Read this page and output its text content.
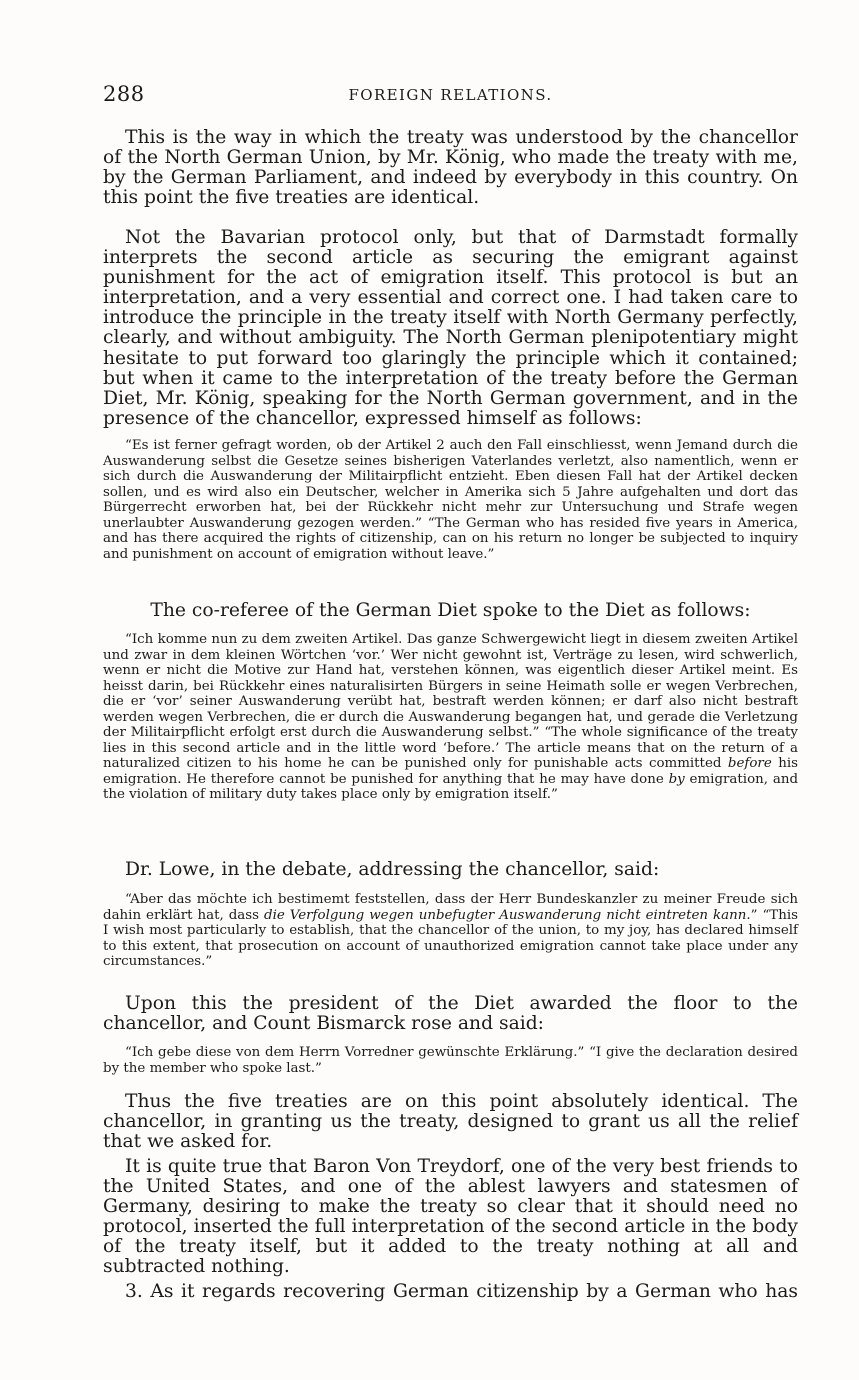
288	FOREIGN RELATIONS.

This is the way in which the treaty was understood by the chancellor of the North German Union, by Mr. König, who made the treaty with me, by the German Parliament, and indeed by everybody in this country. On this point the five treaties are identical.

Not the Bavarian protocol only, but that of Darmstadt formally interprets the second article as securing the emigrant against punishment for the act of emigration itself. This protocol is but an interpretation, and a very essential and correct one. I had taken care to introduce the principle in the treaty itself with North Germany perfectly, clearly, and without ambiguity. The North German plenipotentiary might hesitate to put forward too glaringly the principle which it contained; but when it came to the interpretation of the treaty before the German Diet, Mr. König, speaking for the North German government, and in the presence of the chancellor, expressed himself as follows:

“Es ist ferner gefragt worden, ob der Artikel 2 auch den Fall einschliesst, wenn Jemand durch die Auswanderung selbst die Gesetze seines bisherigen Vaterlandes verletzt, also namentlich, wenn er sich durch die Auswanderung der Militairpflicht entzieht. Eben diesen Fall hat der Artikel decken sollen, und es wird also ein Deutscher, welcher in Amerika sich 5 Jahre aufgehalten und dort das Bürgerrecht erworben hat, bei der Rückkehr nicht mehr zur Untersuchung und Strafe wegen unerlaubter Auswanderung gezogen werden.” “The German who has resided five years in America, and has there acquired the rights of citizenship, can on his return no longer be subjected to inquiry and punishment on account of emigration without leave.”

The co-referee of the German Diet spoke to the Diet as follows:

“Ich komme nun zu dem zweiten Artikel. Das ganze Schwergewicht liegt in diesem zweiten Artikel und zwar in dem kleinen Wörtchen ‘vor.’ Wer nicht gewohnt ist, Verträge zu lesen, wird schwerlich, wenn er nicht die Motive zur Hand hat, verstehen können, was eigentlich dieser Artikel meint. Es heisst darin, bei Rückkehr eines naturalisirten Bürgers in seine Heimath solle er wegen Verbrechen, die er ‘vor’ seiner Auswanderung verübt hat, bestraft werden können; er darf also nicht bestraft werden wegen Verbrechen, die er durch die Auswanderung begangen hat, und gerade die Verletzung der Militairpflicht erfolgt erst durch die Auswanderung selbst.” “The whole significance of the treaty lies in this second article and in the little word ‘before.’ The article means that on the return of a naturalized citizen to his home he can be punished only for punishable acts committed before his emigration. He therefore cannot be punished for anything that he may have done by emigration, and the violation of military duty takes place only by emigration itself.”

Dr. Lowe, in the debate, addressing the chancellor, said:

“Aber das möchte ich bestimemt feststellen, dass der Herr Bundeskanzler zu meiner Freude sich dahin erklärt hat, dass die Verfolgung wegen unbefugter Auswanderung nicht eintreten kann.” “This I wish most particularly to establish, that the chancellor of the union, to my joy, has declared himself to this extent, that prosecution on account of unauthorized emigration cannot take place under any circumstances.”

Upon this the president of the Diet awarded the floor to the chancellor, and Count Bismarck rose and said:

“Ich gebe diese von dem Herrn Vorredner gewünschte Erklärung.” “I give the declaration desired by the member who spoke last.”

Thus the five treaties are on this point absolutely identical. The chancellor, in granting us the treaty, designed to grant us all the relief that we asked for.

It is quite true that Baron Von Treydorf, one of the very best friends to the United States, and one of the ablest lawyers and statesmen of Germany, desiring to make the treaty so clear that it should need no protocol, inserted the full interpretation of the second article in the body of the treaty itself, but it added to the treaty nothing at all and subtracted nothing.

3. As it regards recovering German citizenship by a German who has
